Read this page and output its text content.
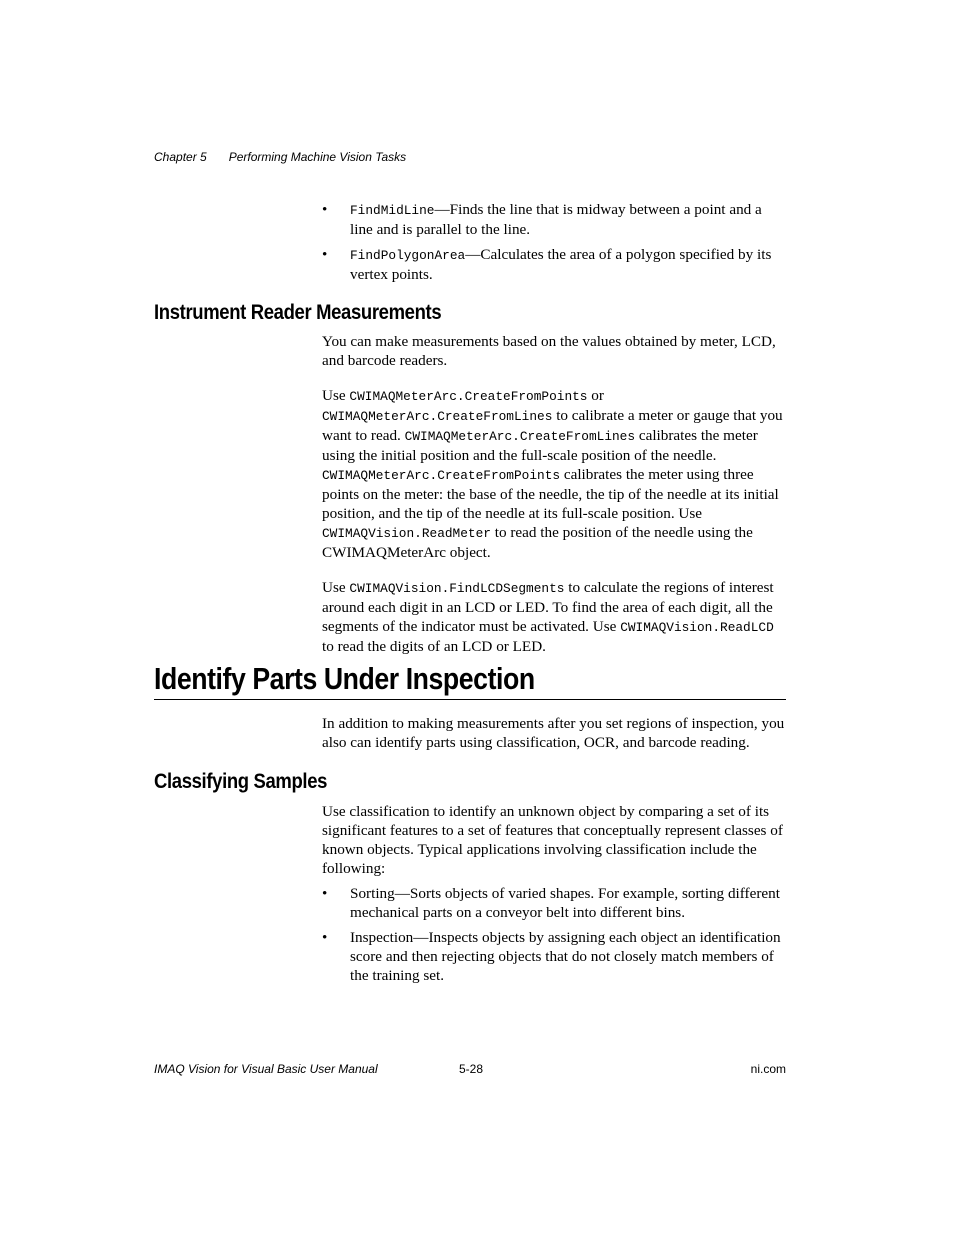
Chapter 5 Performing Machine Vision Tasks
• FindMidLine—Finds the line that is midway between a point and a line and is parallel to the line.
• FindPolygonArea—Calculates the area of a polygon specified by its vertex points.
Instrument Reader Measurements

You can make measurements based on the values obtained by meter, LCD, and barcode readers.

Use CWIMAQMeterArc.CreateFromPoints or CWIMAQMeterArc.CreateFromLines to calibrate a meter or gauge that you want to read. CWIMAQMeterArc.CreateFromLines calibrates the meter using the initial position and the full-scale position of the needle. CWIMAQMeterArc.CreateFromPoints calibrates the meter using three points on the meter: the base of the needle, the tip of the needle at its initial position, and the tip of the needle at its full-scale position. Use CWIMAQVision.ReadMeter to read the position of the needle using the CWIMAQMeterArc object.

Use CWIMAQVision.FindLCDSegments to calculate the regions of interest around each digit in an LCD or LED. To find the area of each digit, all the segments of the indicator must be activated. Use CWIMAQVision.ReadLCD to read the digits of an LCD or LED.

Identify Parts Under Inspection

In addition to making measurements after you set regions of inspection, you also can identify parts using classification, OCR, and barcode reading.

Classifying Samples

Use classification to identify an unknown object by comparing a set of its significant features to a set of features that conceptually represent classes of known objects. Typical applications involving classification include the following:

• Sorting—Sorts objects of varied shapes. For example, sorting different mechanical parts on a conveyor belt into different bins.
• Inspection—Inspects objects by assigning each object an identification score and then rejecting objects that do not closely match members of the training set.
IMAQ Vision for Visual Basic User Manual	5-28	ni.com
